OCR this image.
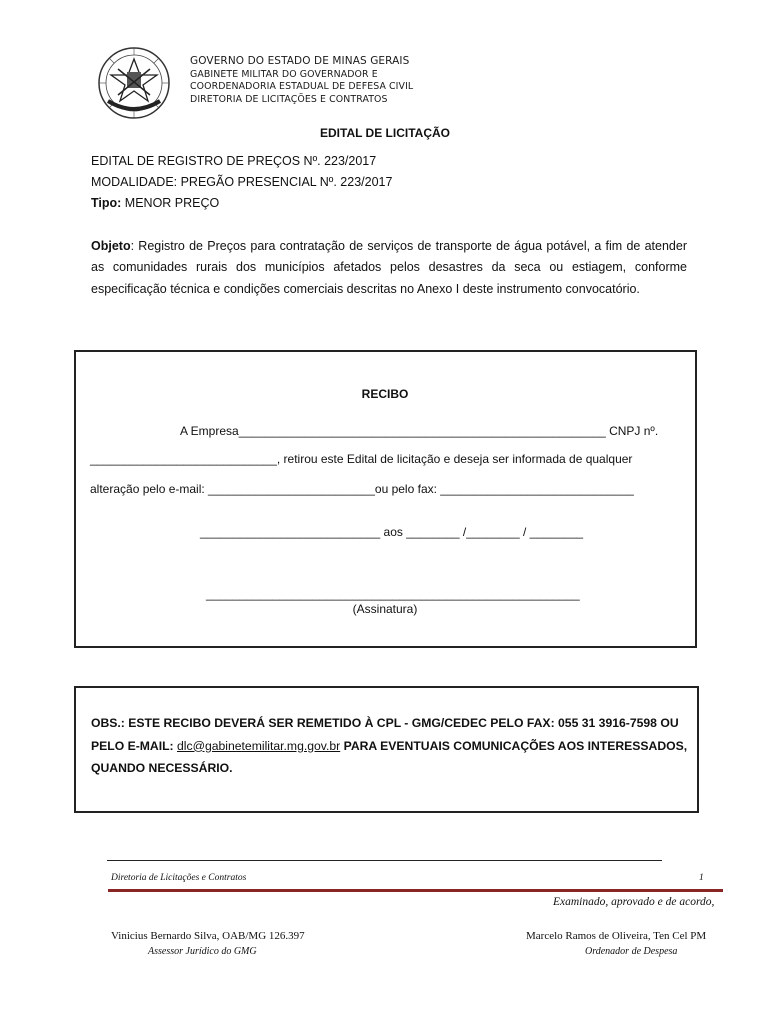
GOVERNO DO ESTADO DE MINAS GERAIS
GABINETE MILITAR DO GOVERNADOR E
COORDENADORIA ESTADUAL DE DEFESA CIVIL
DIRETORIA DE LICITAÇÕES E CONTRATOS
EDITAL DE LICITAÇÃO
EDITAL DE REGISTRO DE PREÇOS Nº. 223/2017
MODALIDADE: PREGÃO PRESENCIAL Nº. 223/2017
Tipo: MENOR PREÇO
Objeto: Registro de Preços para contratação de serviços de transporte de água potável, a fim de atender as comunidades rurais dos municípios afetados pelos desastres da seca ou estiagem, conforme especificação técnica e condições comerciais descritas no Anexo I deste instrumento convocatório.
RECIBO
A Empresa_______________________________________________________ CNPJ nº.
____________________________, retirou este Edital de licitação e deseja ser informada de qualquer
alteração pelo e-mail: _________________________ou pelo fax: _____________________________
___________________________ aos ________ /________ / ________
________________________________________________________
(Assinatura)
OBS.: ESTE RECIBO DEVERÁ SER REMETIDO À CPL - GMG/CEDEC PELO FAX: 055 31 3916-7598 OU PELO E-MAIL: dlc@gabinetemilitar.mg.gov.br PARA EVENTUAIS COMUNICAÇÕES AOS INTERESSADOS, QUANDO NECESSÁRIO.
Diretoria de Licitações e Contratos	1
Examinado, aprovado e de acordo,
Vinicius Bernardo Silva, OAB/MG 126.397
Assessor Jurídico do GMG
Marcelo Ramos de Oliveira, Ten Cel PM
Ordenador de Despesa
